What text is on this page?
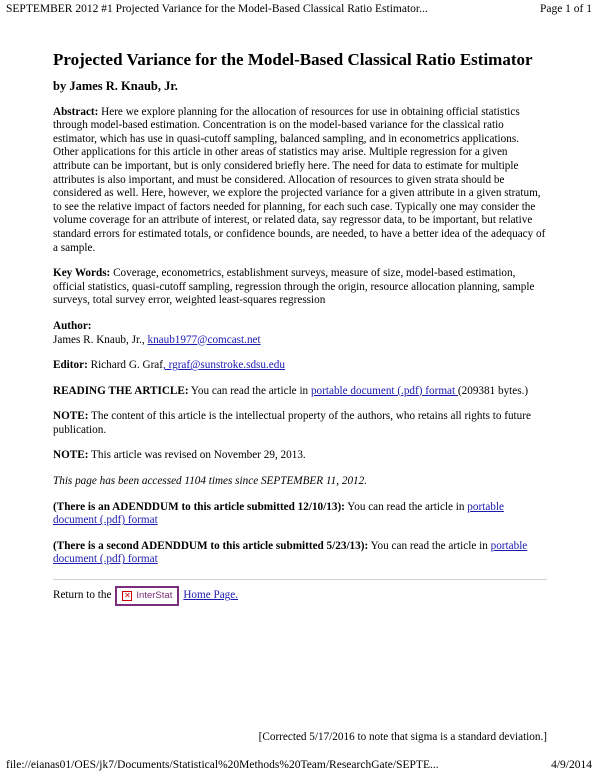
SEPTEMBER 2012 #1 Projected Variance for the Model-Based Classical Ratio Estimator...	Page 1 of 1
Projected Variance for the Model-Based Classical Ratio Estimator
by James R. Knaub, Jr.

Abstract: Here we explore planning for the allocation of resources for use in obtaining official statistics through model-based estimation. Concentration is on the model-based variance for the classical ratio estimator, which has use in quasi-cutoff sampling, balanced sampling, and in econometrics applications. Other applications for this article in other areas of statistics may arise. Multiple regression for a given attribute can be important, but is only considered briefly here. The need for data to estimate for multiple attributes is also important, and must be considered. Allocation of resources to given strata should be considered as well. Here, however, we explore the projected variance for a given attribute in a given stratum, to see the relative impact of factors needed for planning, for each such case. Typically one may consider the volume coverage for an attribute of interest, or related data, say regressor data, to be important, but relative standard errors for estimated totals, or confidence bounds, are needed, to have a better idea of the adequacy of a sample.

Key Words: Coverage, econometrics, establishment surveys, measure of size, model-based estimation, official statistics, quasi-cutoff sampling, regression through the origin, resource allocation planning, sample surveys, total survey error, weighted least-squares regression

Author:
James R. Knaub, Jr., knaub1977@comcast.net

Editor: Richard G. Graf, rgraf@sunstroke.sdsu.edu

READING THE ARTICLE: You can read the article in portable document (.pdf) format (209381 bytes.)

NOTE: The content of this article is the intellectual property of the authors, who retains all rights to future publication.

NOTE: This article was revised on November 29, 2013.

This page has been accessed 1104 times since SEPTEMBER 11, 2012.

(There is an ADENDDUM to this article submitted 12/10/13): You can read the article in portable document (.pdf) format

(There is a second ADENDDUM to this article submitted 5/23/13): You can read the article in portable document (.pdf) format

Return to the ✕ InterStat Home Page.
[Corrected 5/17/2016 to note that sigma is a standard deviation.]
file://eianas01/OES/jk7/Documents/Statistical%20Methods%20Team/ResearchGate/SEPTE...	4/9/2014
